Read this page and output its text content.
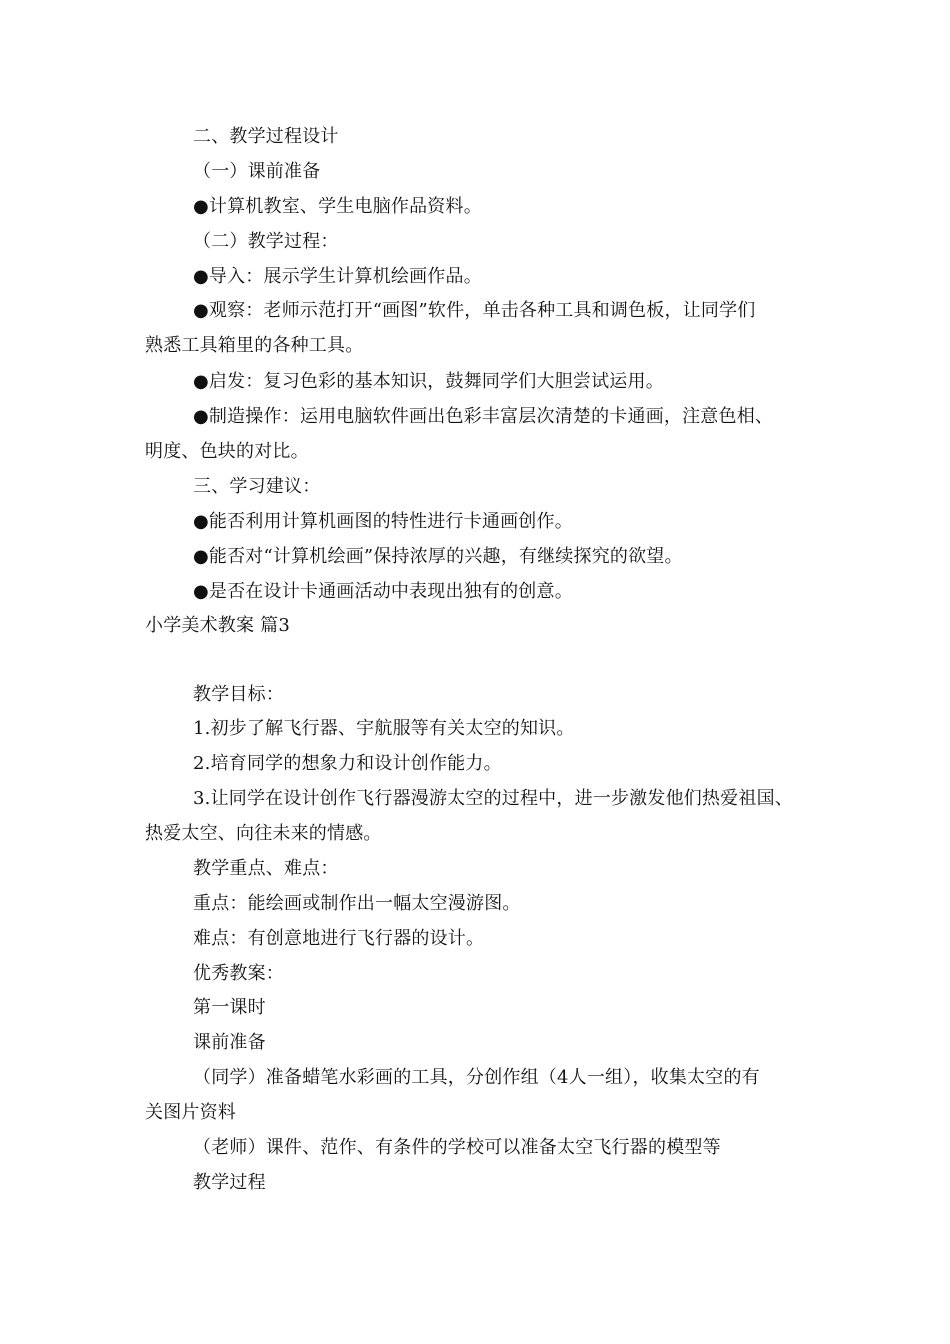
二、教学过程设计
（一）课前准备
●计算机教室、学生电脑作品资料。
（二）教学过程：
●导入：展示学生计算机绘画作品。
●观察：老师示范打开“画图”软件，单击各种工具和调色板，让同学们
熟悉工具箱里的各种工具。
●启发：复习色彩的基本知识，鼓舞同学们大胆尝试运用。
●制造操作：运用电脑软件画出色彩丰富层次清楚的卡通画，注意色相、
明度、色块的对比。
三、学习建议：
●能否利用计算机画图的特性进行卡通画创作。
●能否对“计算机绘画”保持浓厚的兴趣，有继续探究的欲望。
●是否在设计卡通画活动中表现出独有的创意。
小学美术教案 篇3
教学目标：
1.初步了解飞行器、宇航服等有关太空的知识。
2.培育同学的想象力和设计创作能力。
3.让同学在设计创作飞行器漫游太空的过程中，进一步激发他们热爱祖国、
热爱太空、向往未来的情感。
教学重点、难点：
重点：能绘画或制作出一幅太空漫游图。
难点：有创意地进行飞行器的设计。
优秀教案：
第一课时
课前准备
（同学）准备蜡笔水彩画的工具，分创作组（4人一组），收集太空的有
关图片资料
（老师）课件、范作、有条件的学校可以准备太空飞行器的模型等
教学过程
